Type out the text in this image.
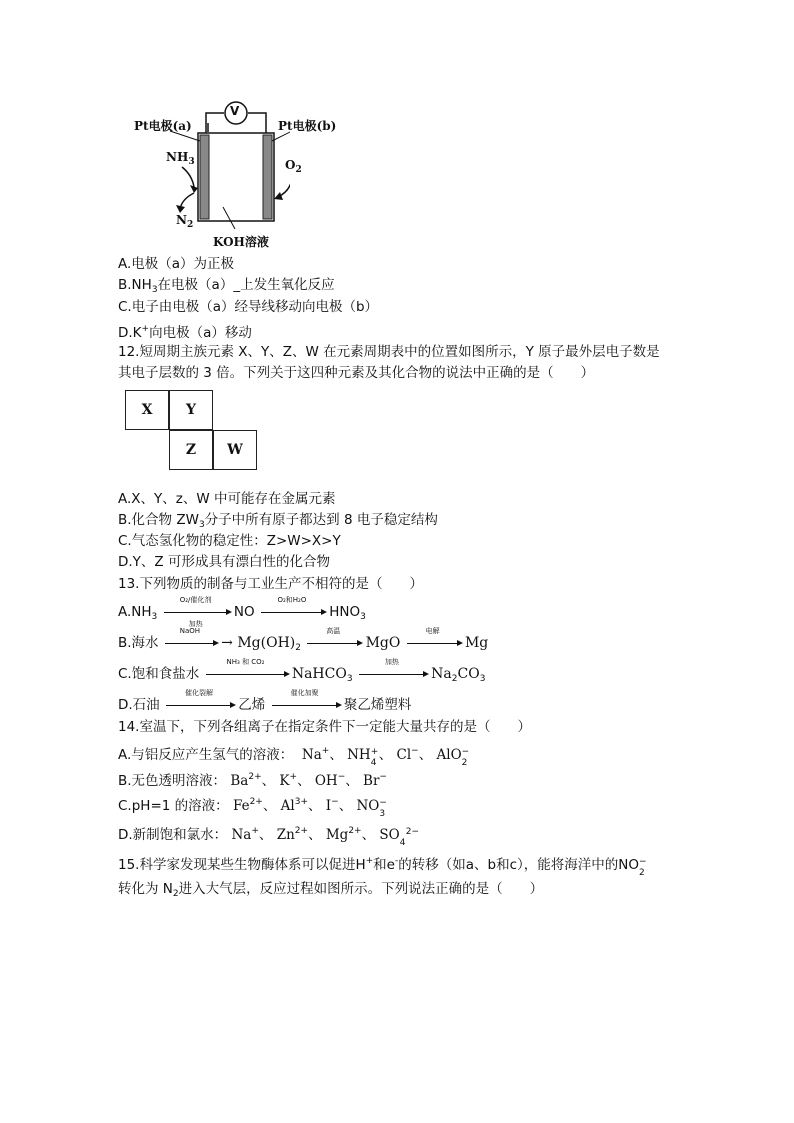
V
Pt电极(a)	Pt电极(b)
$NH_3$	$O_2$
$N_2$
KOH溶液
A.电极（a）为正极
$B.NH_3$在电极（a）_上发生氧化反应
C.电子由电极（a）经导线移动向电极（b）
D.K+向电极（a）移动
12.短周期主族元素 X、Y、Z、W 在元素周期表中的位置如图所示，Y 原子最外层电子数是
其电子层数的 3 倍。下列关于这四种元素及其化合物的说法中正确的是（　　）
X	Y
Z	W
A.X、Y、z、W 中可能存在金属元素
B.化合物 $ZW_3$分子中所有原子都达到 8 电子稳定结构
C.气态氢化物的稳定性：Z>W>X>Y
D.Y、Z 可形成具有漂白性的化合物
13.下列物质的制备与工业生产不相符的是（　　）
$A.NH_3$
O₂/催化剂
加热
NO
O₂和H₂O
$HNO_3$
B.海水
NaOH
→ $Mg(OH)_2$
高温
MgO
电解
Mg
C.饱和食盐水
NH₃ 和 CO₂
NaHCO$_3$
加热
$Na_2CO_3$
D.石油
催化裂解
乙烯
催化加聚
聚乙烯塑料
14.室温下，下列各组离子在指定条件下一定能大量共存的是（　　）
A.与铝反应产生氢气的溶液： Na+、 NH +
4 、 Cl−、 AlO −
2
B.无色透明溶液： $Ba^{2+}$、 K+、 OH−、 Br−
C.pH=1 的溶液： $Fe^{2+}$、 $Al^{3+}$、 I−、 NO −
3
D.新制饱和氯水： Na+、 $Zn^{2+}$、 $Mg^{2+}$、 SO 2−
4
15.科学家发现某些生物酶体系可以促进H+和e-的转移（如a、b和c），能将海洋中的NO −
2
转化为 $N_2$进入大气层，反应过程如图所示。下列说法正确的是（　　）
